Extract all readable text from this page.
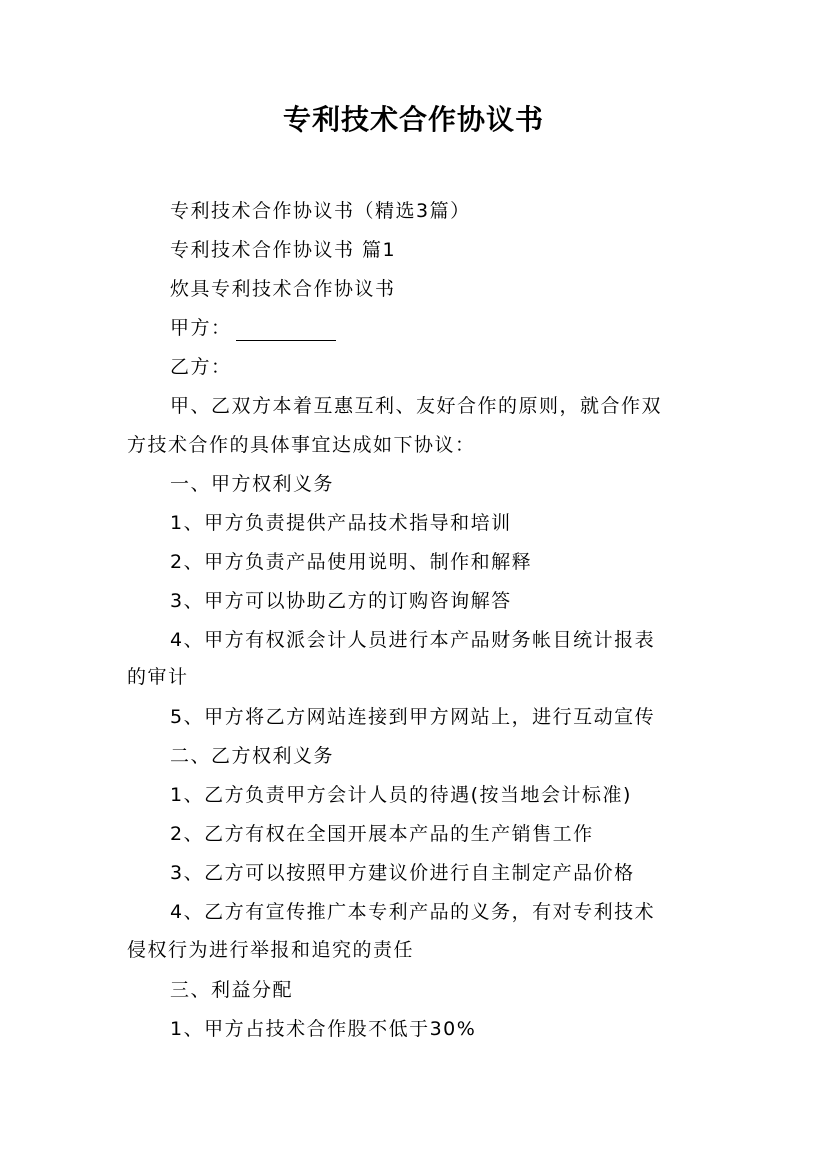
专利技术合作协议书

专利技术合作协议书（精选3篇）

专利技术合作协议书 篇1

炊具专利技术合作协议书

甲方：

乙方：

甲、乙双方本着互惠互利、友好合作的原则，就合作双

方技术合作的具体事宜达成如下协议：

一、甲方权利义务

1、甲方负责提供产品技术指导和培训

2、甲方负责产品使用说明、制作和解释

3、甲方可以协助乙方的订购咨询解答

4、甲方有权派会计人员进行本产品财务帐目统计报表

的审计

5、甲方将乙方网站连接到甲方网站上，进行互动宣传

二、乙方权利义务

1、乙方负责甲方会计人员的待遇(按当地会计标准)

2、乙方有权在全国开展本产品的生产销售工作

3、乙方可以按照甲方建议价进行自主制定产品价格

4、乙方有宣传推广本专利产品的义务，有对专利技术

侵权行为进行举报和追究的责任

三、利益分配

1、甲方占技术合作股不低于30%
